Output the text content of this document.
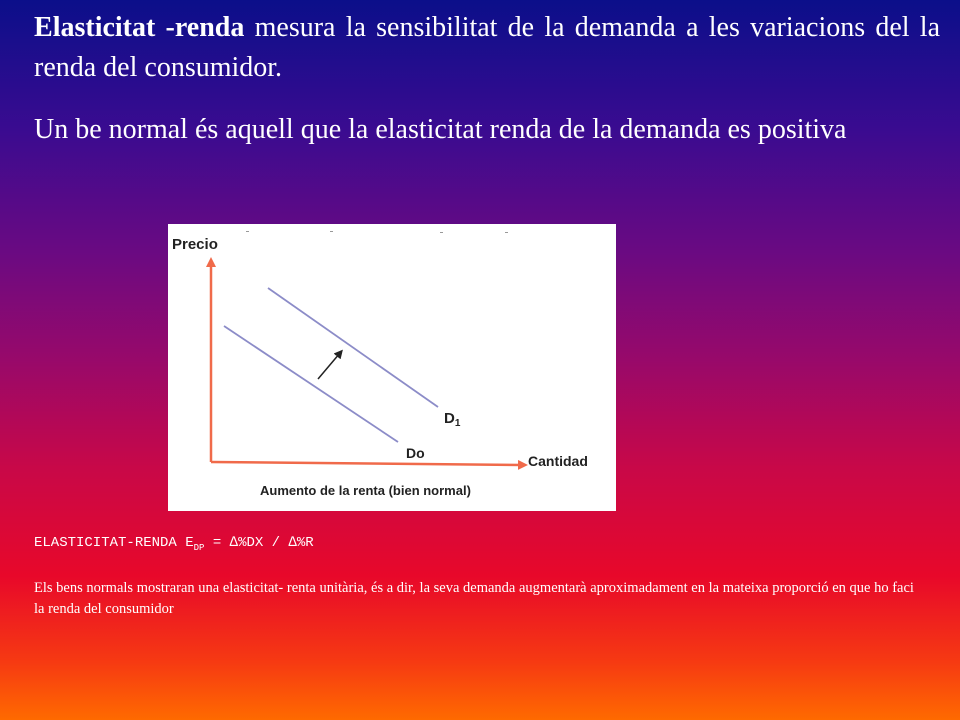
Elasticitat -renda mesura la sensibilitat de la demanda a les variacions del la renda del consumidor.

Un be normal és aquell que la elasticitat renda de la demanda es positiva

Precio
Cantidad
Do
$D_1$
Aumento de la renta (bien normal)
ELASTICITAT-RENDA $E_{DP} = \Delta\%DX / \Delta\%R$
Els bens normals mostraran una elasticitat- renta unitària, és a dir, la seva demanda augmentarà aproximadament en la mateixa proporció en que ho faci la renda del consumidor
